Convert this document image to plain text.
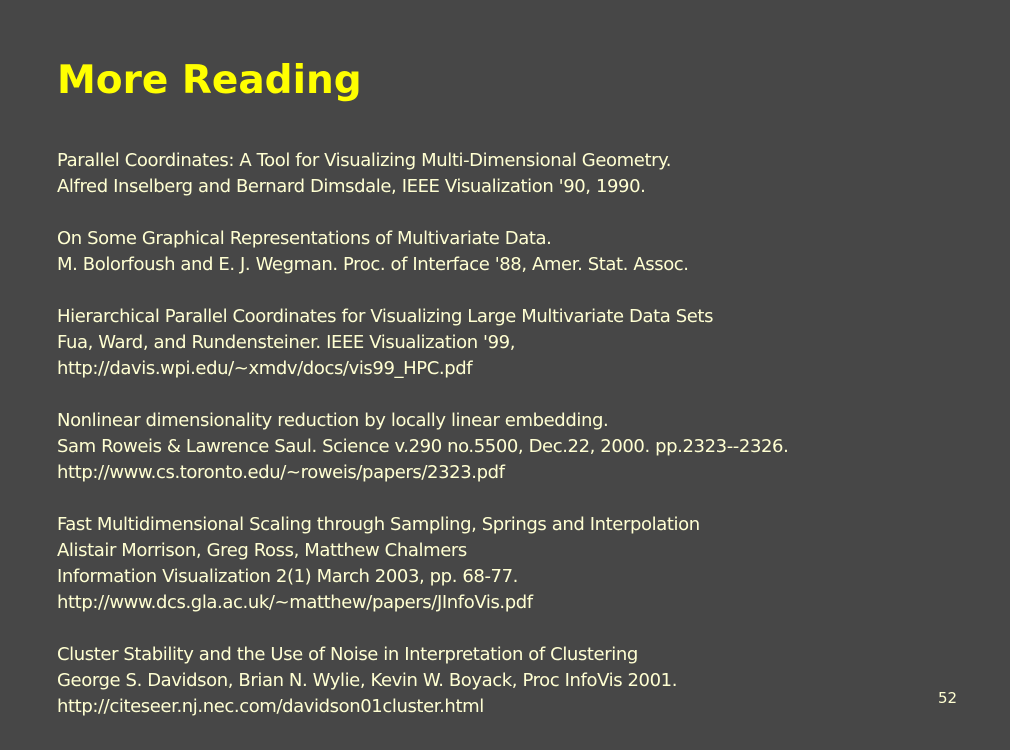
More Reading
Parallel Coordinates: A Tool for Visualizing Multi-Dimensional Geometry.
Alfred Inselberg and Bernard Dimsdale, IEEE Visualization '90, 1990.
On Some Graphical Representations of Multivariate Data.
M. Bolorfoush and E. J. Wegman. Proc. of Interface '88, Amer. Stat. Assoc.
Hierarchical Parallel Coordinates for Visualizing Large Multivariate Data Sets
Fua, Ward, and Rundensteiner. IEEE Visualization '99,
http://davis.wpi.edu/~xmdv/docs/vis99_HPC.pdf
Nonlinear dimensionality reduction by locally linear embedding.
Sam Roweis & Lawrence Saul. Science v.290 no.5500, Dec.22, 2000. pp.2323--2326.
http://www.cs.toronto.edu/~roweis/papers/2323.pdf
Fast Multidimensional Scaling through Sampling, Springs and Interpolation
Alistair Morrison, Greg Ross, Matthew Chalmers
Information Visualization 2(1) March 2003, pp. 68-77.
http://www.dcs.gla.ac.uk/~matthew/papers/JInfoVis.pdf
Cluster Stability and the Use of Noise in Interpretation of Clustering
George S. Davidson, Brian N. Wylie, Kevin W. Boyack, Proc InfoVis 2001.
http://citeseer.nj.nec.com/davidson01cluster.html	52
